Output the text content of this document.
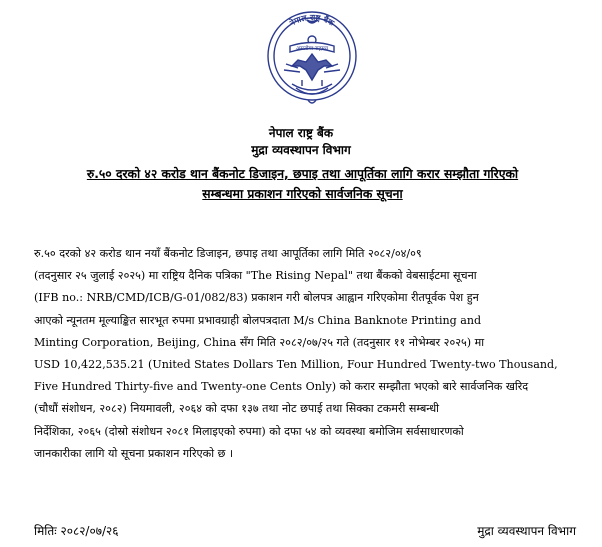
नेपाल राष्ट्र बैंक
असतोमा सद्गमय
नेपाल राष्ट्र बैंक
मुद्रा व्यवस्थापन विभाग
रु.५० दरको ४२ करोड थान बैंकनोट डिजाइन, छपाइ तथा आपूर्तिका लागि करार सम्झौता गरिएको
सम्बन्धमा प्रकाशन गरिएको सार्वजनिक सूचना
रु.५० दरको ४२ करोड थान नयाँ बैंकनोट डिजाइन, छपाइ तथा आपूर्तिका लागि मिति २०८२/०४/०९
(तदनुसार २५ जुलाई २०२५) मा राष्ट्रिय दैनिक पत्रिका "The Rising Nepal" तथा बैंकको वेबसाईटमा सूचना
(IFB no.: NRB/CMD/ICB/G-01/082/83) प्रकाशन गरी बोलपत्र आह्वान गरिएकोमा रीतपूर्वक पेश हुन
आएको न्यूनतम मूल्याङ्कित सारभूत रुपमा प्रभावग्राही बोलपत्रदाता M/s China Banknote Printing and
Minting Corporation, Beijing, China सँग मिति २०८२/०७/२५ गते (तदनुसार ११ नोभेम्बर २०२५) मा
USD 10,422,535.21 (United States Dollars Ten Million, Four Hundred Twenty-two Thousand,
Five Hundred Thirty-five and Twenty-one Cents Only) को करार सम्झौता भएको बारे सार्वजनिक खरिद
(चौधौं संशोधन, २०८२) नियमावली, २०६४ को दफा १३७ तथा नोट छपाई तथा सिक्का टकमरी सम्बन्धी
निर्देशिका, २०६५ (दोस्रो संशोधन २०८१ मिलाइएको रुपमा) को दफा ५४ को व्यवस्था बमोजिम सर्वसाधारणको
जानकारीका लागि यो सूचना प्रकाशन गरिएको छ ।
मितिः २०८२/०७/२६	मुद्रा व्यवस्थापन विभाग
